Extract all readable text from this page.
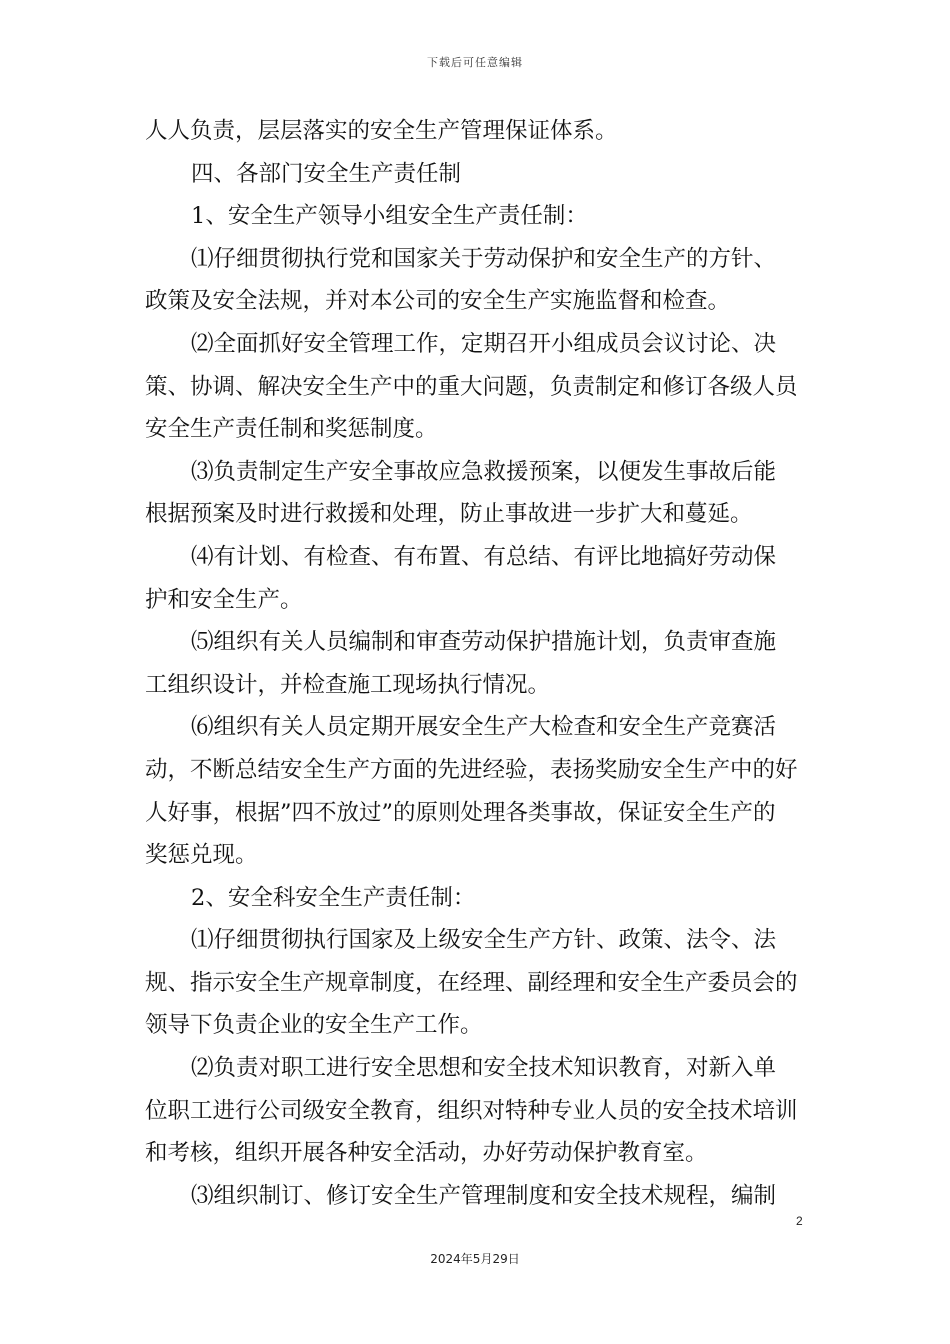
下载后可任意编辑
人人负责，层层落实的安全生产管理保证体系。
四、各部门安全生产责任制
1、安全生产领导小组安全生产责任制：
⑴仔细贯彻执行党和国家关于劳动保护和安全生产的方针、
政策及安全法规，并对本公司的安全生产实施监督和检查。
⑵全面抓好安全管理工作，定期召开小组成员会议讨论、决
策、协调、解决安全生产中的重大问题，负责制定和修订各级人员
安全生产责任制和奖惩制度。
⑶负责制定生产安全事故应急救援预案，以便发生事故后能
根据预案及时进行救援和处理，防止事故进一步扩大和蔓延。
⑷有计划、有检查、有布置、有总结、有评比地搞好劳动保
护和安全生产。
⑸组织有关人员编制和审查劳动保护措施计划，负责审查施
工组织设计，并检查施工现场执行情况。
⑹组织有关人员定期开展安全生产大检查和安全生产竞赛活
动，不断总结安全生产方面的先进经验，表扬奖励安全生产中的好
人好事，根据”四不放过”的原则处理各类事故，保证安全生产的
奖惩兑现。
2、安全科安全生产责任制：
⑴仔细贯彻执行国家及上级安全生产方针、政策、法令、法
规、指示安全生产规章制度，在经理、副经理和安全生产委员会的
领导下负责企业的安全生产工作。
⑵负责对职工进行安全思想和安全技术知识教育，对新入单
位职工进行公司级安全教育，组织对特种专业人员的安全技术培训
和考核，组织开展各种安全活动，办好劳动保护教育室。
⑶组织制订、修订安全生产管理制度和安全技术规程，编制
2
2024年5月29日
